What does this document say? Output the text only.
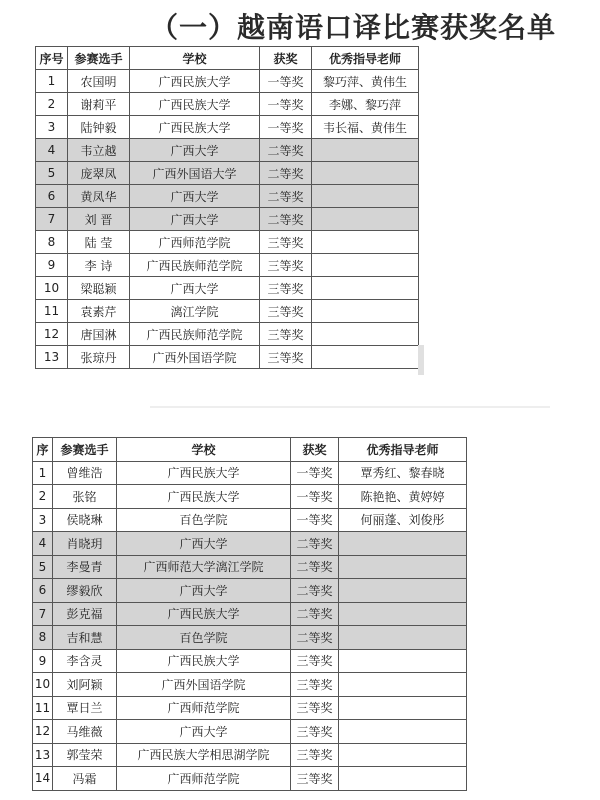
（一）越南语口译比赛获奖名单
序号	参赛选手	学校	获奖	优秀指导老师
1	农国明	广西民族大学	一等奖	黎巧萍、黄伟生
2	谢莉平	广西民族大学	一等奖	李娜、黎巧萍
3	陆钟毅	广西民族大学	一等奖	韦长福、黄伟生
4	韦立越	广西大学	二等奖	
5	庞翠凤	广西外国语大学	二等奖	
6	黄凤华	广西大学	二等奖	
7	刘 晋	广西大学	二等奖	
8	陆 莹	广西师范学院	三等奖	
9	李 诗	广西民族师范学院	三等奖	
10	梁聪颖	广西大学	三等奖	
11	袁素芹	漓江学院	三等奖	
12	唐国淋	广西民族师范学院	三等奖	
13	张琼丹	广西外国语学院	三等奖	
序	参赛选手	学校	获奖	优秀指导老师
1	曾维浩	广西民族大学	一等奖	覃秀红、黎春晓
2	张铭	广西民族大学	一等奖	陈艳艳、黄婷婷
3	侯晓琳	百色学院	一等奖	何丽蓬、刘俊彤
4	肖晓玥	广西大学	二等奖	
5	李曼青	广西师范大学漓江学院	二等奖	
6	缪毅欣	广西大学	二等奖	
7	彭克福	广西民族大学	二等奖	
8	吉和慧	百色学院	二等奖	
9	李含灵	广西民族大学	三等奖	
10	刘阿颖	广西外国语学院	三等奖	
11	覃日兰	广西师范学院	三等奖	
12	马维薇	广西大学	三等奖	
13	郭莹荣	广西民族大学相思湖学院	三等奖	
14	冯霜	广西师范学院	三等奖	
